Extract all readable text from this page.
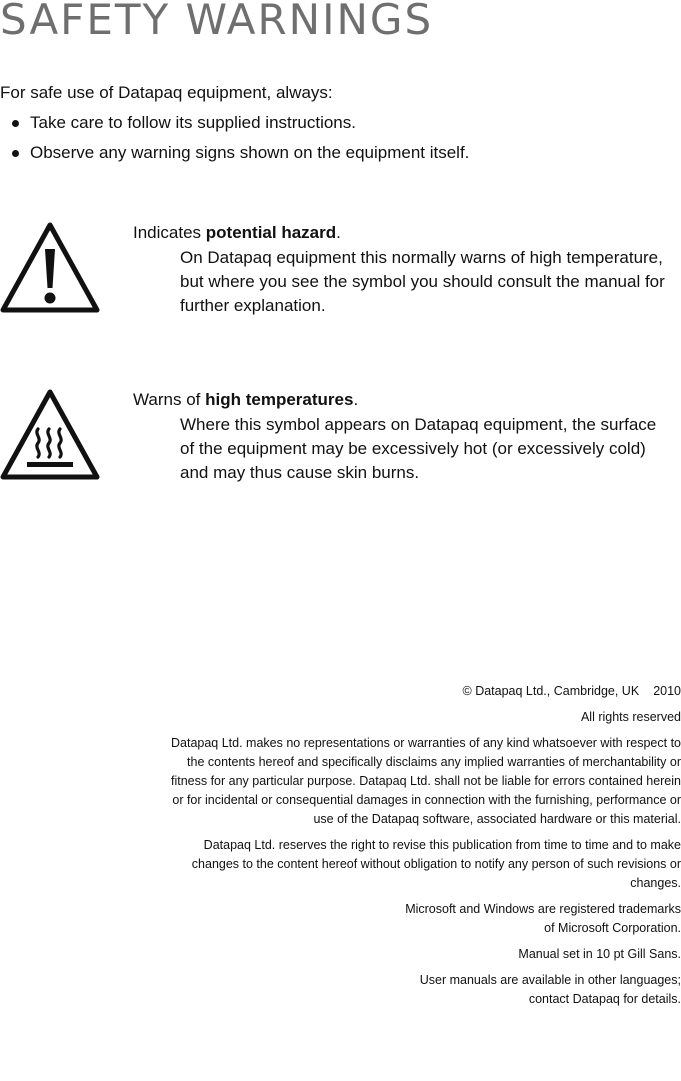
SAFETY WARNINGS
For safe use of Datapaq equipment, always:
Take care to follow its supplied instructions.
Observe any warning signs shown on the equipment itself.
Indicates potential hazard.
On Datapaq equipment this normally warns of high temperature, but where you see the symbol you should consult the manual for further explanation.
Warns of high temperatures.
Where this symbol appears on Datapaq equipment, the surface of the equipment may be excessively hot (or excessively cold) and may thus cause skin burns.

© Datapaq Ltd., Cambridge, UK 2010

All rights reserved

Datapaq Ltd. makes no representations or warranties of any kind whatsoever with respect to the contents hereof and specifically disclaims any implied warranties of merchantability or fitness for any particular purpose. Datapaq Ltd. shall not be liable for errors contained herein or for incidental or consequential damages in connection with the furnishing, performance or use of the Datapaq software, associated hardware or this material.

Datapaq Ltd. reserves the right to revise this publication from time to time and to make changes to the content hereof without obligation to notify any person of such revisions or changes.

Microsoft and Windows are registered trademarks
of Microsoft Corporation.

Manual set in 10 pt Gill Sans.

User manuals are available in other languages;
contact Datapaq for details.
